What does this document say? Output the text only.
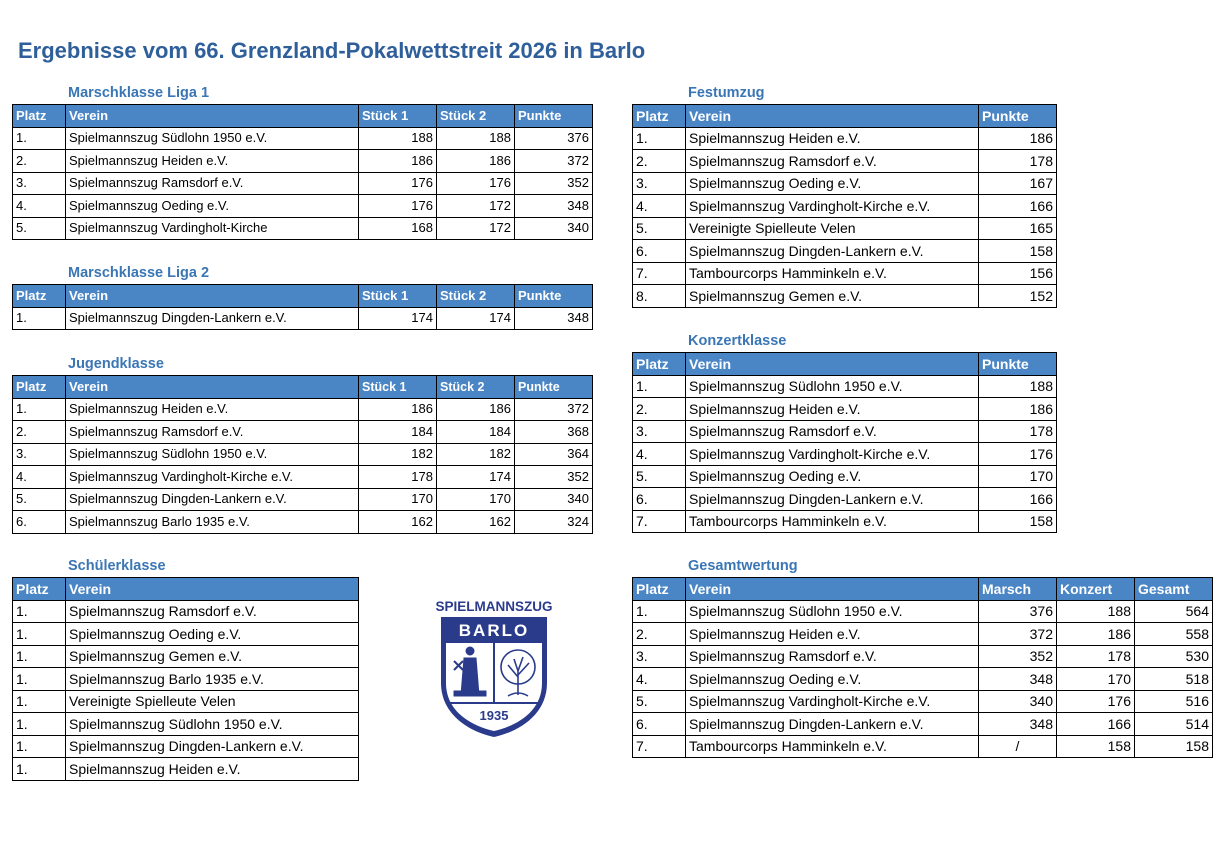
Ergebnisse vom 66. Grenzland-Pokalwettstreit 2026 in Barlo
Marschklasse Liga 1
Platz	Verein	Stück 1	Stück 2	Punkte
1.	Spielmannszug Südlohn 1950 e.V.	188	188	376
2.	Spielmannszug Heiden e.V.	186	186	372
3.	Spielmannszug Ramsdorf e.V.	176	176	352
4.	Spielmannszug Oeding e.V.	176	172	348
5.	Spielmannszug Vardingholt-Kirche	168	172	340
Marschklasse Liga 2
Platz	Verein	Stück 1	Stück 2	Punkte
1.	Spielmannszug Dingden-Lankern e.V.	174	174	348
Jugendklasse
Platz	Verein	Stück 1	Stück 2	Punkte
1.	Spielmannszug Heiden e.V.	186	186	372
2.	Spielmannszug Ramsdorf e.V.	184	184	368
3.	Spielmannszug Südlohn 1950 e.V.	182	182	364
4.	Spielmannszug Vardingholt-Kirche e.V.	178	174	352
5.	Spielmannszug Dingden-Lankern e.V.	170	170	340
6.	Spielmannszug Barlo 1935 e.V.	162	162	324
Schülerklasse
Platz	Verein
1.	Spielmannszug Ramsdorf e.V.
1.	Spielmannszug Oeding e.V.
1.	Spielmannszug Gemen e.V.
1.	Spielmannszug Barlo 1935 e.V.
1.	Vereinigte Spielleute Velen
1.	Spielmannszug Südlohn 1950 e.V.
1.	Spielmannszug Dingden-Lankern e.V.
1.	Spielmannszug Heiden e.V.
SPIELMANNSZUG
BARLO
1935
Festumzug
Platz	Verein	Punkte
1.	Spielmannszug Heiden e.V.	186
2.	Spielmannszug Ramsdorf e.V.	178
3.	Spielmannszug Oeding e.V.	167
4.	Spielmannszug Vardingholt-Kirche e.V.	166
5.	Vereinigte Spielleute Velen	165
6.	Spielmannszug Dingden-Lankern e.V.	158
7.	Tambourcorps Hamminkeln e.V.	156
8.	Spielmannszug Gemen e.V.	152
Konzertklasse
Platz	Verein	Punkte
1.	Spielmannszug Südlohn 1950 e.V.	188
2.	Spielmannszug Heiden e.V.	186
3.	Spielmannszug Ramsdorf e.V.	178
4.	Spielmannszug Vardingholt-Kirche e.V.	176
5.	Spielmannszug Oeding e.V.	170
6.	Spielmannszug Dingden-Lankern e.V.	166
7.	Tambourcorps Hamminkeln e.V.	158
Gesamtwertung
Platz	Verein	Marsch	Konzert	Gesamt
1.	Spielmannszug Südlohn 1950 e.V.	376	188	564
2.	Spielmannszug Heiden e.V.	372	186	558
3.	Spielmannszug Ramsdorf e.V.	352	178	530
4.	Spielmannszug Oeding e.V.	348	170	518
5.	Spielmannszug Vardingholt-Kirche e.V.	340	176	516
6.	Spielmannszug Dingden-Lankern e.V.	348	166	514
7.	Tambourcorps Hamminkeln e.V.	/	158	158
